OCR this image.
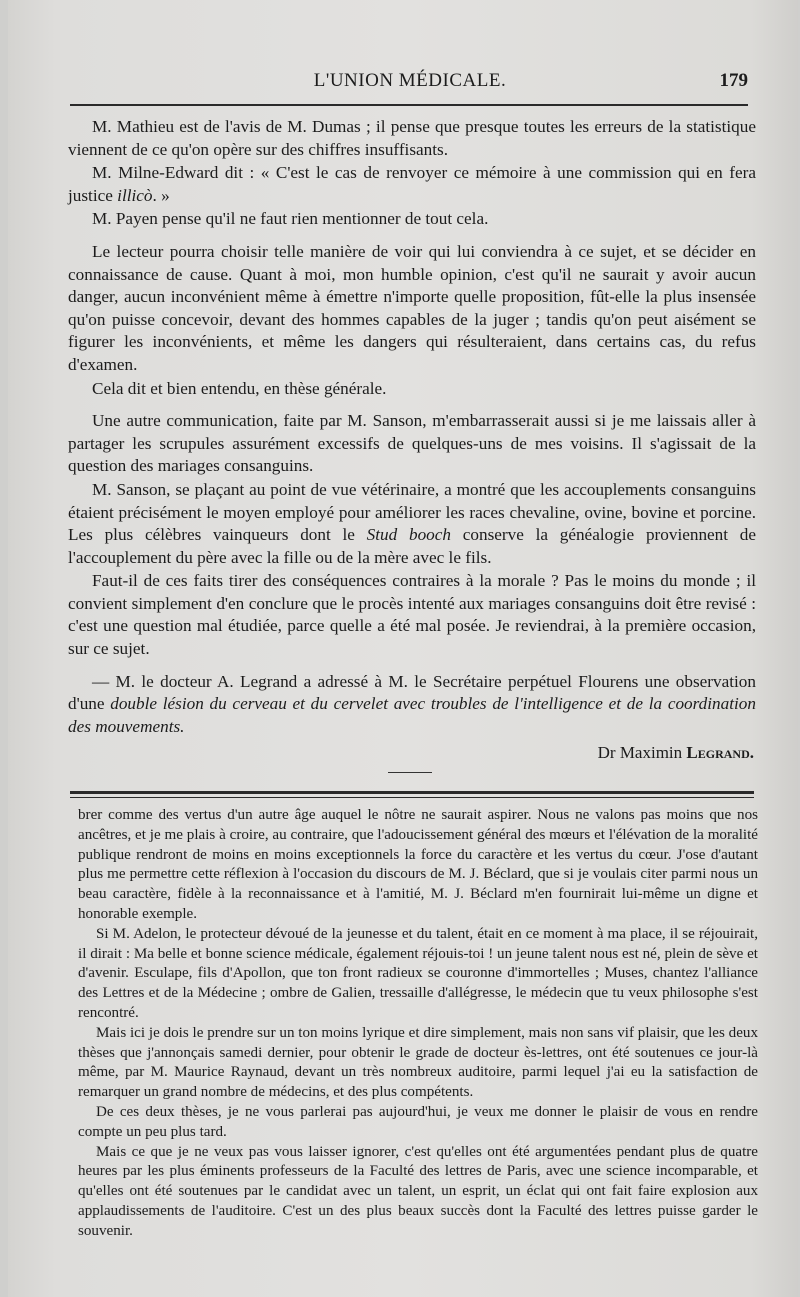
L'UNION MÉDICALE.	179

M. Mathieu est de l'avis de M. Dumas ; il pense que presque toutes les erreurs de la statistique viennent de ce qu'on opère sur des chiffres insuffisants.

M. Milne-Edward dit : « C'est le cas de renvoyer ce mémoire à une commission qui en fera justice illicò. »

M. Payen pense qu'il ne faut rien mentionner de tout cela.

Le lecteur pourra choisir telle manière de voir qui lui conviendra à ce sujet, et se décider en connaissance de cause. Quant à moi, mon humble opinion, c'est qu'il ne saurait y avoir aucun danger, aucun inconvénient même à émettre n'importe quelle proposition, fût-elle la plus insensée qu'on puisse concevoir, devant des hommes capables de la juger ; tandis qu'on peut aisément se figurer les inconvénients, et même les dangers qui résulteraient, dans certains cas, du refus d'examen.

Cela dit et bien entendu, en thèse générale.

Une autre communication, faite par M. Sanson, m'embarrasserait aussi si je me laissais aller à partager les scrupules assurément excessifs de quelques-uns de mes voisins. Il s'agissait de la question des mariages consanguins.

M. Sanson, se plaçant au point de vue vétérinaire, a montré que les accouplements consanguins étaient précisément le moyen employé pour améliorer les races chevaline, ovine, bovine et porcine. Les plus célèbres vainqueurs dont le Stud booch conserve la généalogie proviennent de l'accouplement du père avec la fille ou de la mère avec le fils.

Faut-il de ces faits tirer des conséquences contraires à la morale ? Pas le moins du monde ; il convient simplement d'en conclure que le procès intenté aux mariages consanguins doit être revisé : c'est une question mal étudiée, parce quelle a été mal posée. Je reviendrai, à la première occasion, sur ce sujet.

— M. le docteur A. Legrand a adressé à M. le Secrétaire perpétuel Flourens une observation d'une double lésion du cerveau et du cervelet avec troubles de l'intelligence et de la coordination des mouvements.

Dr Maximin Legrand.

brer comme des vertus d'un autre âge auquel le nôtre ne saurait aspirer. Nous ne valons pas moins que nos ancêtres, et je me plais à croire, au contraire, que l'adoucissement général des mœurs et l'élévation de la moralité publique rendront de moins en moins exceptionnels la force du caractère et les vertus du cœur. J'ose d'autant plus me permettre cette réflexion à l'occasion du discours de M. J. Béclard, que si je voulais citer parmi nous un beau caractère, fidèle à la reconnaissance et à l'amitié, M. J. Béclard m'en fournirait lui-même un digne et honorable exemple.

Si M. Adelon, le protecteur dévoué de la jeunesse et du talent, était en ce moment à ma place, il se réjouirait, il dirait : Ma belle et bonne science médicale, également réjouis-toi ! un jeune talent nous est né, plein de sève et d'avenir. Esculape, fils d'Apollon, que ton front radieux se couronne d'immortelles ; Muses, chantez l'alliance des Lettres et de la Médecine ; ombre de Galien, tressaille d'allégresse, le médecin que tu veux philosophe s'est rencontré.

Mais ici je dois le prendre sur un ton moins lyrique et dire simplement, mais non sans vif plaisir, que les deux thèses que j'annonçais samedi dernier, pour obtenir le grade de docteur ès-lettres, ont été soutenues ce jour-là même, par M. Maurice Raynaud, devant un très nombreux auditoire, parmi lequel j'ai eu la satisfaction de remarquer un grand nombre de médecins, et des plus compétents.

De ces deux thèses, je ne vous parlerai pas aujourd'hui, je veux me donner le plaisir de vous en rendre compte un peu plus tard.

Mais ce que je ne veux pas vous laisser ignorer, c'est qu'elles ont été argumentées pendant plus de quatre heures par les plus éminents professeurs de la Faculté des lettres de Paris, avec une science incomparable, et qu'elles ont été soutenues par le candidat avec un talent, un esprit, un éclat qui ont fait faire explosion aux applaudissements de l'auditoire. C'est un des plus beaux succès dont la Faculté des lettres puisse garder le souvenir.
